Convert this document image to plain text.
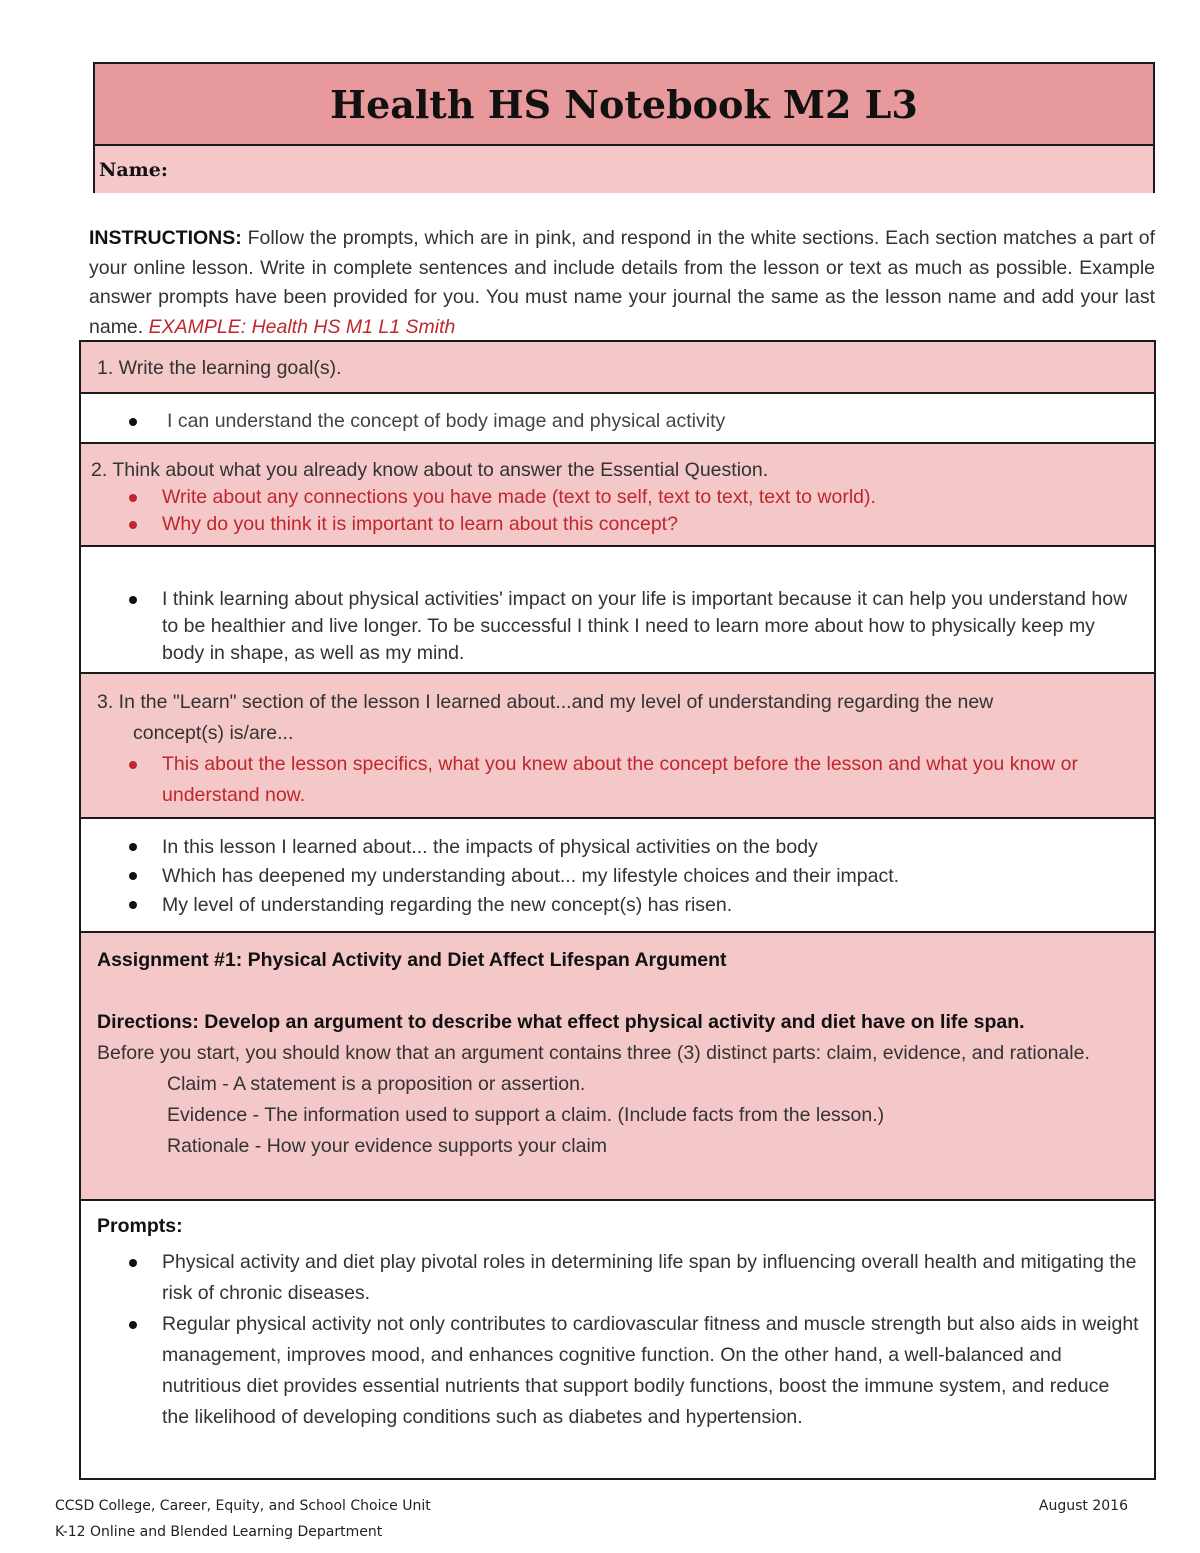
Health HS Notebook M2 L3
Name:
INSTRUCTIONS: Follow the prompts, which are in pink, and respond in the white sections. Each section matches a part of your online lesson. Write in complete sentences and include details from the lesson or text as much as possible. Example answer prompts have been provided for you. You must name your journal the same as the lesson name and add your last name. EXAMPLE: Health HS M1 L1 Smith
1. Write the learning goal(s).
I can understand the concept of body image and physical activity
2. Think about what you already know about to answer the Essential Question.
Write about any connections you have made (text to self, text to text, text to world).
Why do you think it is important to learn about this concept?
I think learning about physical activities' impact on your life is important because it can help you understand how to be healthier and live longer. To be successful I think I need to learn more about how to physically keep my body in shape, as well as my mind.
3. In the "Learn" section of the lesson I learned about...and my level of understanding regarding the new
concept(s) is/are...
This about the lesson specifics, what you knew about the concept before the lesson and what you know or understand now.
In this lesson I learned about... the impacts of physical activities on the body
Which has deepened my understanding about... my lifestyle choices and their impact.
My level of understanding regarding the new concept(s) has risen.
Assignment #1: Physical Activity and Diet Affect Lifespan Argument
Directions: Develop an argument to describe what effect physical activity and diet have on life span.
Before you start, you should know that an argument contains three (3) distinct parts: claim, evidence, and rationale.
Claim - A statement is a proposition or assertion.
Evidence - The information used to support a claim. (Include facts from the lesson.)
Rationale - How your evidence supports your claim
Prompts:
Physical activity and diet play pivotal roles in determining life span by influencing overall health and mitigating the risk of chronic diseases.
Regular physical activity not only contributes to cardiovascular fitness and muscle strength but also aids in weight management, improves mood, and enhances cognitive function. On the other hand, a well-balanced and nutritious diet provides essential nutrients that support bodily functions, boost the immune system, and reduce the likelihood of developing conditions such as diabetes and hypertension.
CCSD College, Career, Equity, and School Choice Unit
K-12 Online and Blended Learning Department
August 2016
